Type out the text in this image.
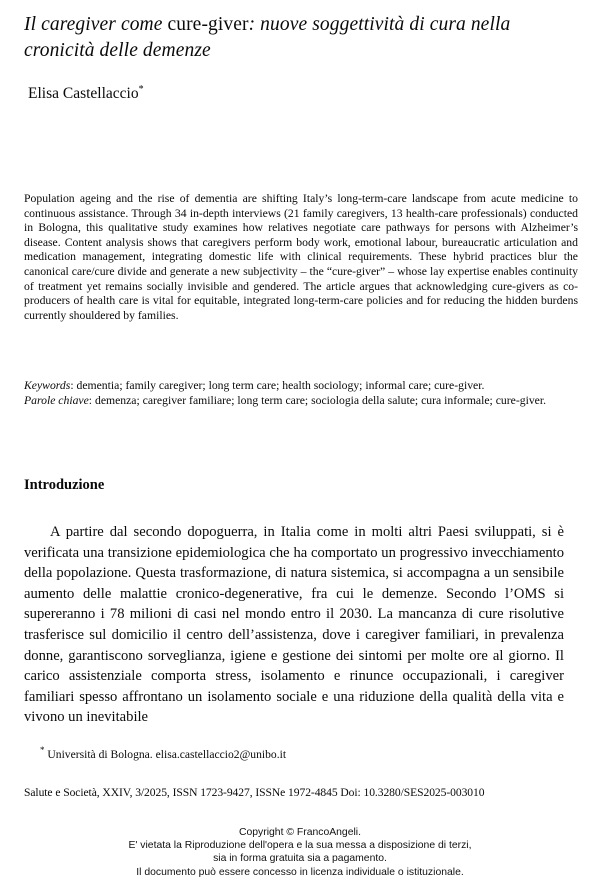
Il caregiver come cure-giver: nuove soggettività di cura nella cronicità delle demenze

Elisa Castellaccio*

Population ageing and the rise of dementia are shifting Italy’s long-term-care landscape from acute medicine to continuous assistance. Through 34 in-depth interviews (21 family caregivers, 13 health-care professionals) conducted in Bologna, this qualitative study examines how relatives negotiate care pathways for persons with Alzheimer’s disease. Content analysis shows that caregivers perform body work, emotional labour, bureaucratic articulation and medication management, integrating domestic life with clinical requirements. These hybrid practices blur the canonical care/cure divide and generate a new subjectivity – the “cure-giver” – whose lay expertise enables continuity of treatment yet remains socially invisible and gendered. The article argues that acknowledging cure-givers as co-producers of health care is vital for equitable, integrated long-term-care policies and for reducing the hidden burdens currently shouldered by families.

Keywords: dementia; family caregiver; long term care; health sociology; informal care; cure-giver.

Parole chiave: demenza; caregiver familiare; long term care; sociologia della salute; cura informale; cure-giver.

Introduzione

A partire dal secondo dopoguerra, in Italia come in molti altri Paesi sviluppati, si è verificata una transizione epidemiologica che ha comportato un progressivo invecchiamento della popolazione. Questa trasformazione, di natura sistemica, si accompagna a un sensibile aumento delle malattie cronico-degenerative, fra cui le demenze. Secondo l’OMS si supereranno i 78 milioni di casi nel mondo entro il 2030. La mancanza di cure risolutive trasferisce sul domicilio il centro dell’assistenza, dove i caregiver familiari, in prevalenza donne, garantiscono sorveglianza, igiene e gestione dei sintomi per molte ore al giorno. Il carico assistenziale comporta stress, isolamento e rinunce occupazionali, i caregiver familiari spesso affrontano un isolamento sociale e una riduzione della qualità della vita e vivono un inevitabile

* Università di Bologna. elisa.castellaccio2@unibo.it

Salute e Società, XXIV, 3/2025, ISSN 1723-9427, ISSNe 1972-4845 Doi: 10.3280/SES2025-003010

Copyright © FrancoAngeli.

E' vietata la Riproduzione dell'opera e la sua messa a disposizione di terzi,

sia in forma gratuita sia a pagamento.

Il documento può essere concesso in licenza individuale o istituzionale.
